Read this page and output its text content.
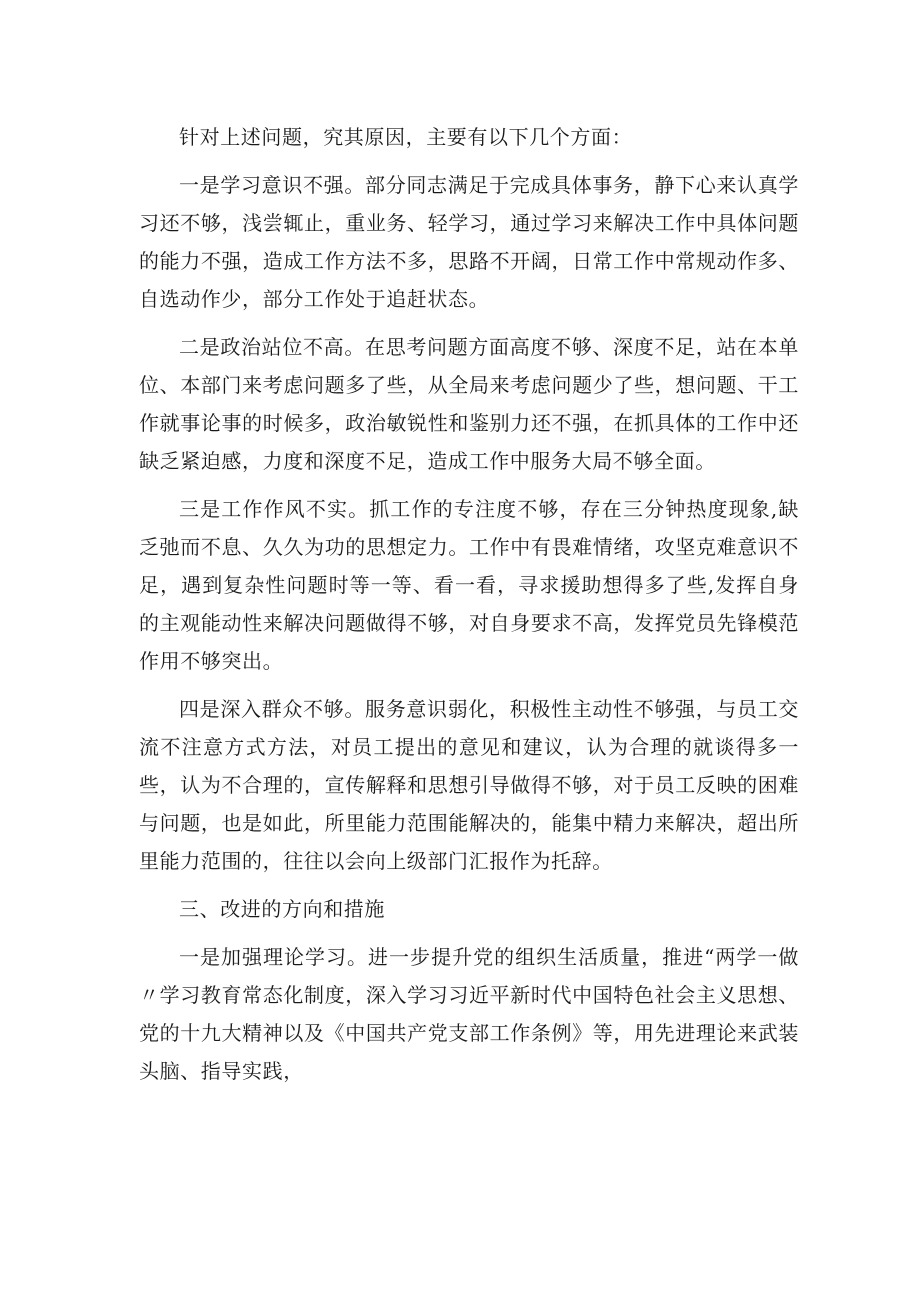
针对上述问题，究其原因，主要有以下几个方面：

一是学习意识不强。部分同志满足于完成具体事务，静下心来认真学习还不够，浅尝辄止，重业务、轻学习，通过学习来解决工作中具体问题的能力不强，造成工作方法不多，思路不开阔，日常工作中常规动作多、自选动作少，部分工作处于追赶状态。

二是政治站位不高。在思考问题方面高度不够、深度不足，站在本单位、本部门来考虑问题多了些，从全局来考虑问题少了些，想问题、干工作就事论事的时候多，政治敏锐性和鉴别力还不强，在抓具体的工作中还缺乏紧迫感，力度和深度不足，造成工作中服务大局不够全面。

三是工作作风不实。抓工作的专注度不够，存在三分钟热度现象,缺乏弛而不息、久久为功的思想定力。工作中有畏难情绪，攻坚克难意识不足，遇到复杂性问题时等一等、看一看，寻求援助想得多了些,发挥自身的主观能动性来解决问题做得不够，对自身要求不高，发挥党员先锋模范作用不够突出。

四是深入群众不够。服务意识弱化，积极性主动性不够强，与员工交流不注意方式方法，对员工提出的意见和建议，认为合理的就谈得多一些，认为不合理的，宣传解释和思想引导做得不够，对于员工反映的困难与问题，也是如此，所里能力范围能解决的，能集中精力来解决，超出所里能力范围的，往往以会向上级部门汇报作为托辞。

三、改进的方向和措施

一是加强理论学习。进一步提升党的组织生活质量，推进“两学一做〃学习教育常态化制度，深入学习习近平新时代中国特色社会主义思想、党的十九大精神以及《中国共产党支部工作条例》等，用先进理论来武装头脑、指导实践，
